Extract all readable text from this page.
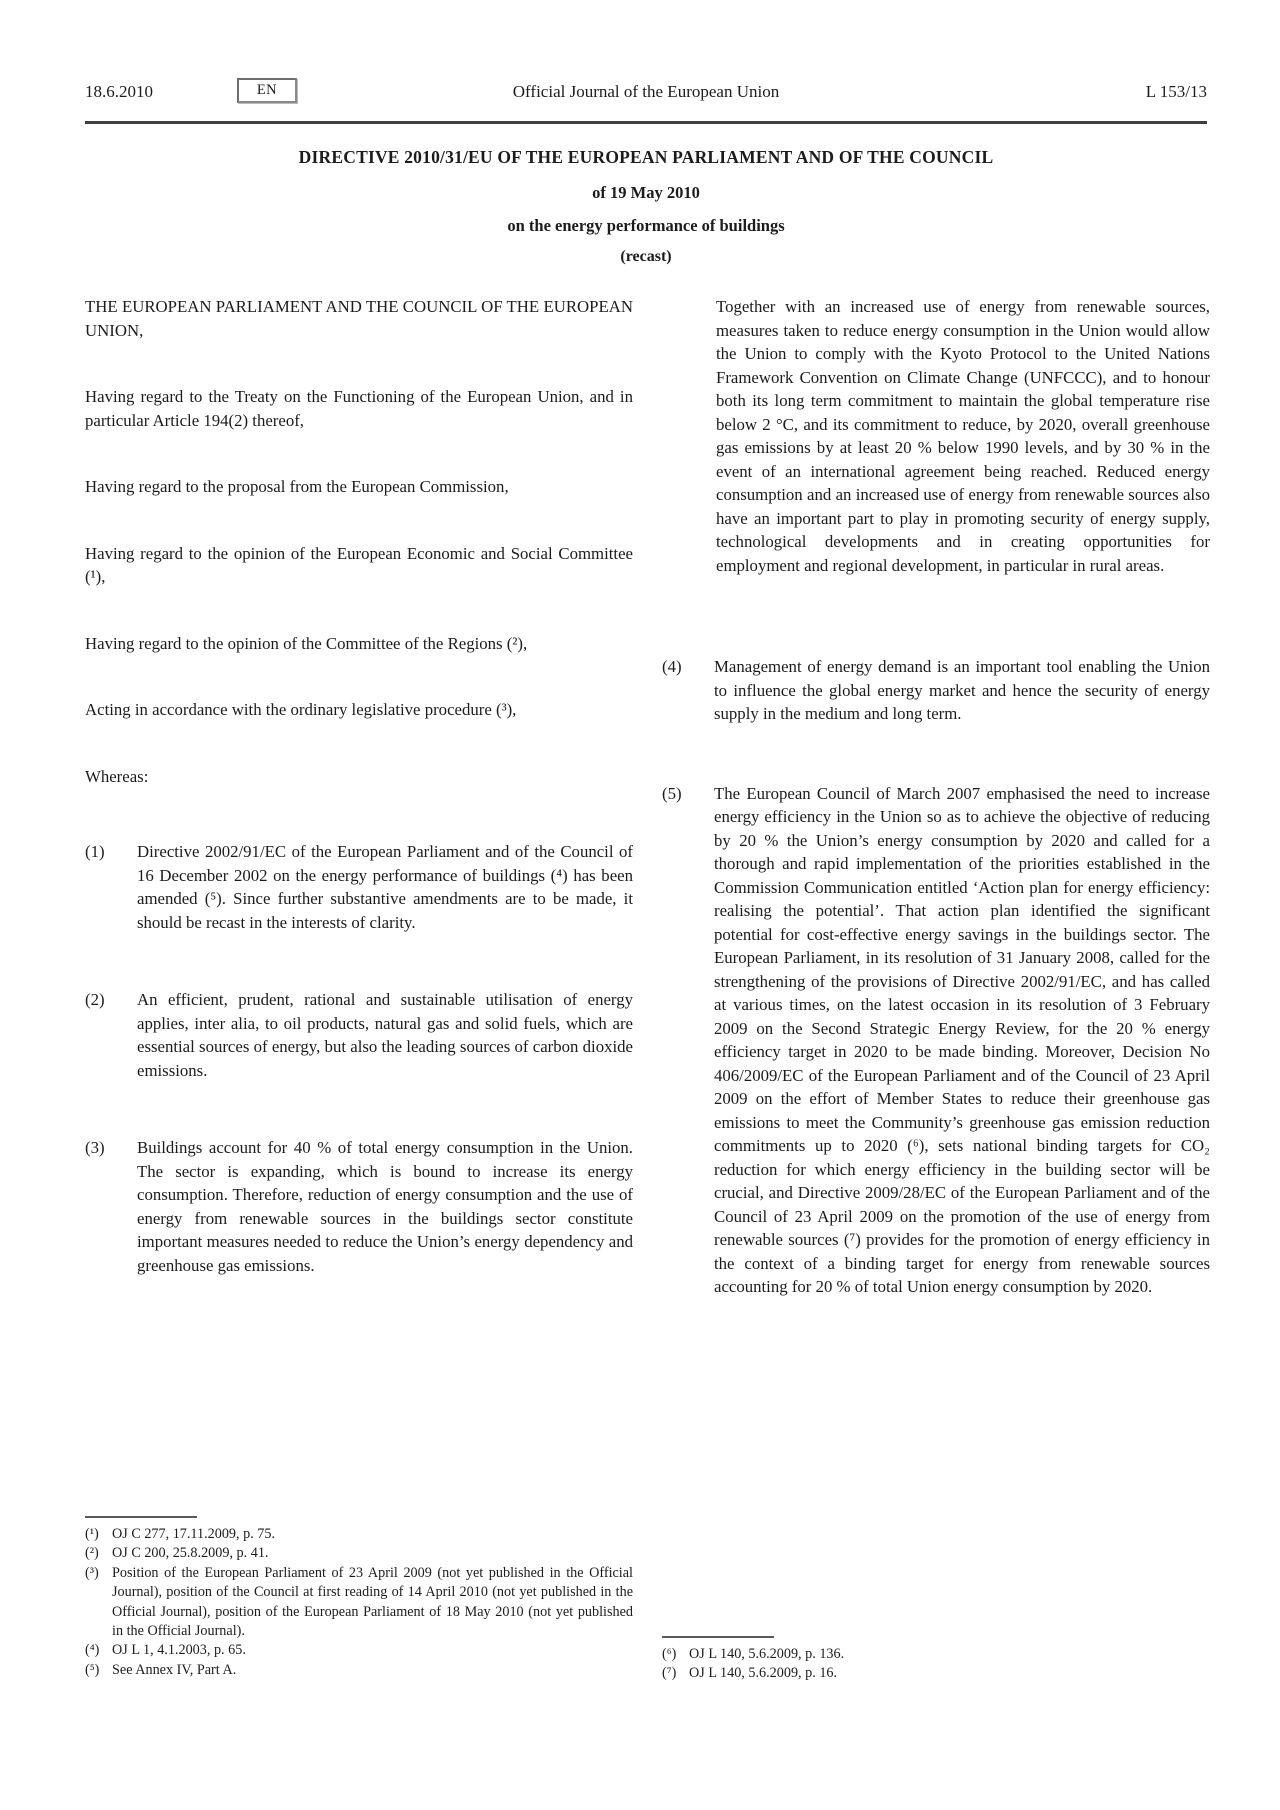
18.6.2010	EN	Official Journal of the European Union	L 153/13
DIRECTIVE 2010/31/EU OF THE EUROPEAN PARLIAMENT AND OF THE COUNCIL
of 19 May 2010
on the energy performance of buildings
(recast)

THE EUROPEAN PARLIAMENT AND THE COUNCIL OF THE EUROPEAN UNION,

Having regard to the Treaty on the Functioning of the European Union, and in particular Article 194(2) thereof,

Having regard to the proposal from the European Commission,

Having regard to the opinion of the European Economic and Social Committee (¹),

Having regard to the opinion of the Committee of the Regions (²),

Acting in accordance with the ordinary legislative procedure (³),

Whereas:

(1)	Directive 2002/91/EC of the European Parliament and of the Council of 16 December 2002 on the energy performance of buildings (⁴) has been amended (⁵). Since further substantive amendments are to be made, it should be recast in the interests of clarity.

(2)	An efficient, prudent, rational and sustainable utilisation of energy applies, inter alia, to oil products, natural gas and solid fuels, which are essential sources of energy, but also the leading sources of carbon dioxide emissions.

(3)	Buildings account for 40 % of total energy consumption in the Union. The sector is expanding, which is bound to increase its energy consumption. Therefore, reduction of energy consumption and the use of energy from renewable sources in the buildings sector constitute important measures needed to reduce the Union’s energy dependency and greenhouse gas emissions.

(¹) OJ C 277, 17.11.2009, p. 75.
(²) OJ C 200, 25.8.2009, p. 41.
(³) Position of the European Parliament of 23 April 2009 (not yet published in the Official Journal), position of the Council at first reading of 14 April 2010 (not yet published in the Official Journal), position of the European Parliament of 18 May 2010 (not yet published in the Official Journal).
(⁴) OJ L 1, 4.1.2003, p. 65.
(⁵) See Annex IV, Part A.

Together with an increased use of energy from renewable sources, measures taken to reduce energy consumption in the Union would allow the Union to comply with the Kyoto Protocol to the United Nations Framework Convention on Climate Change (UNFCCC), and to honour both its long term commitment to maintain the global temperature rise below 2 °C, and its commitment to reduce, by 2020, overall greenhouse gas emissions by at least 20 % below 1990 levels, and by 30 % in the event of an international agreement being reached. Reduced energy consumption and an increased use of energy from renewable sources also have an important part to play in promoting security of energy supply, technological developments and in creating opportunities for employment and regional development, in particular in rural areas.

(4)	Management of energy demand is an important tool enabling the Union to influence the global energy market and hence the security of energy supply in the medium and long term.

(5)	The European Council of March 2007 emphasised the need to increase energy efficiency in the Union so as to achieve the objective of reducing by 20 % the Union’s energy consumption by 2020 and called for a thorough and rapid implementation of the priorities established in the Commission Communication entitled ‘Action plan for energy efficiency: realising the potential’. That action plan identified the significant potential for cost-effective energy savings in the buildings sector. The European Parliament, in its resolution of 31 January 2008, called for the strengthening of the provisions of Directive 2002/91/EC, and has called at various times, on the latest occasion in its resolution of 3 February 2009 on the Second Strategic Energy Review, for the 20 % energy efficiency target in 2020 to be made binding. Moreover, Decision No 406/2009/EC of the European Parliament and of the Council of 23 April 2009 on the effort of Member States to reduce their greenhouse gas emissions to meet the Community’s greenhouse gas emission reduction commitments up to 2020 (⁶), sets national binding targets for CO₂ reduction for which energy efficiency in the building sector will be crucial, and Directive 2009/28/EC of the European Parliament and of the Council of 23 April 2009 on the promotion of the use of energy from renewable sources (⁷) provides for the promotion of energy efficiency in the context of a binding target for energy from renewable sources accounting for 20 % of total Union energy consumption by 2020.

(⁶) OJ L 140, 5.6.2009, p. 136.
(⁷) OJ L 140, 5.6.2009, p. 16.
